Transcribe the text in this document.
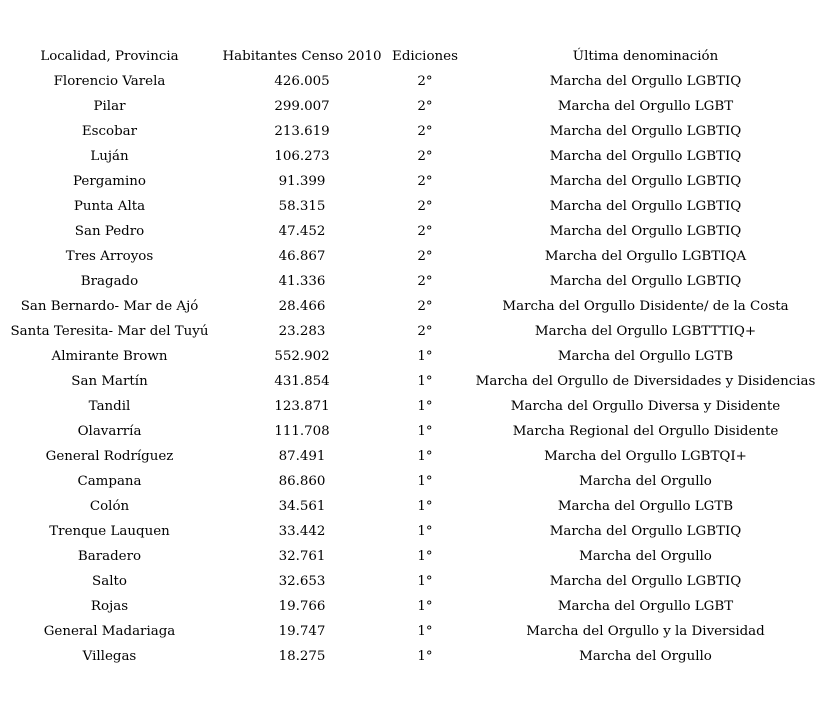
Localidad, Provincia	Habitantes Censo 2010	Ediciones	Última denominación
Florencio Varela	426.005	2°	Marcha del Orgullo LGBTIQ
Pilar	299.007	2°	Marcha del Orgullo LGBT
Escobar	213.619	2°	Marcha del Orgullo LGBTIQ
Luján	106.273	2°	Marcha del Orgullo LGBTIQ
Pergamino	91.399	2°	Marcha del Orgullo LGBTIQ
Punta Alta	58.315	2°	Marcha del Orgullo LGBTIQ
San Pedro	47.452	2°	Marcha del Orgullo LGBTIQ
Tres Arroyos	46.867	2°	Marcha del Orgullo LGBTIQA
Bragado	41.336	2°	Marcha del Orgullo LGBTIQ
San Bernardo- Mar de Ajó	28.466	2°	Marcha del Orgullo Disidente/ de la Costa
Santa Teresita- Mar del Tuyú	23.283	2°	Marcha del Orgullo LGBTTTIQ+
Almirante Brown	552.902	1°	Marcha del Orgullo LGTB
San Martín	431.854	1°	Marcha del Orgullo de Diversidades y Disidencias
Tandil	123.871	1°	Marcha del Orgullo Diversa y Disidente
Olavarría	111.708	1°	Marcha Regional del Orgullo Disidente
General Rodríguez	87.491	1°	Marcha del Orgullo LGBTQI+
Campana	86.860	1°	Marcha del Orgullo
Colón	34.561	1°	Marcha del Orgullo LGTB
Trenque Lauquen	33.442	1°	Marcha del Orgullo LGBTIQ
Baradero	32.761	1°	Marcha del Orgullo
Salto	32.653	1°	Marcha del Orgullo LGBTIQ
Rojas	19.766	1°	Marcha del Orgullo LGBT
General Madariaga	19.747	1°	Marcha del Orgullo y la Diversidad
Villegas	18.275	1°	Marcha del Orgullo
